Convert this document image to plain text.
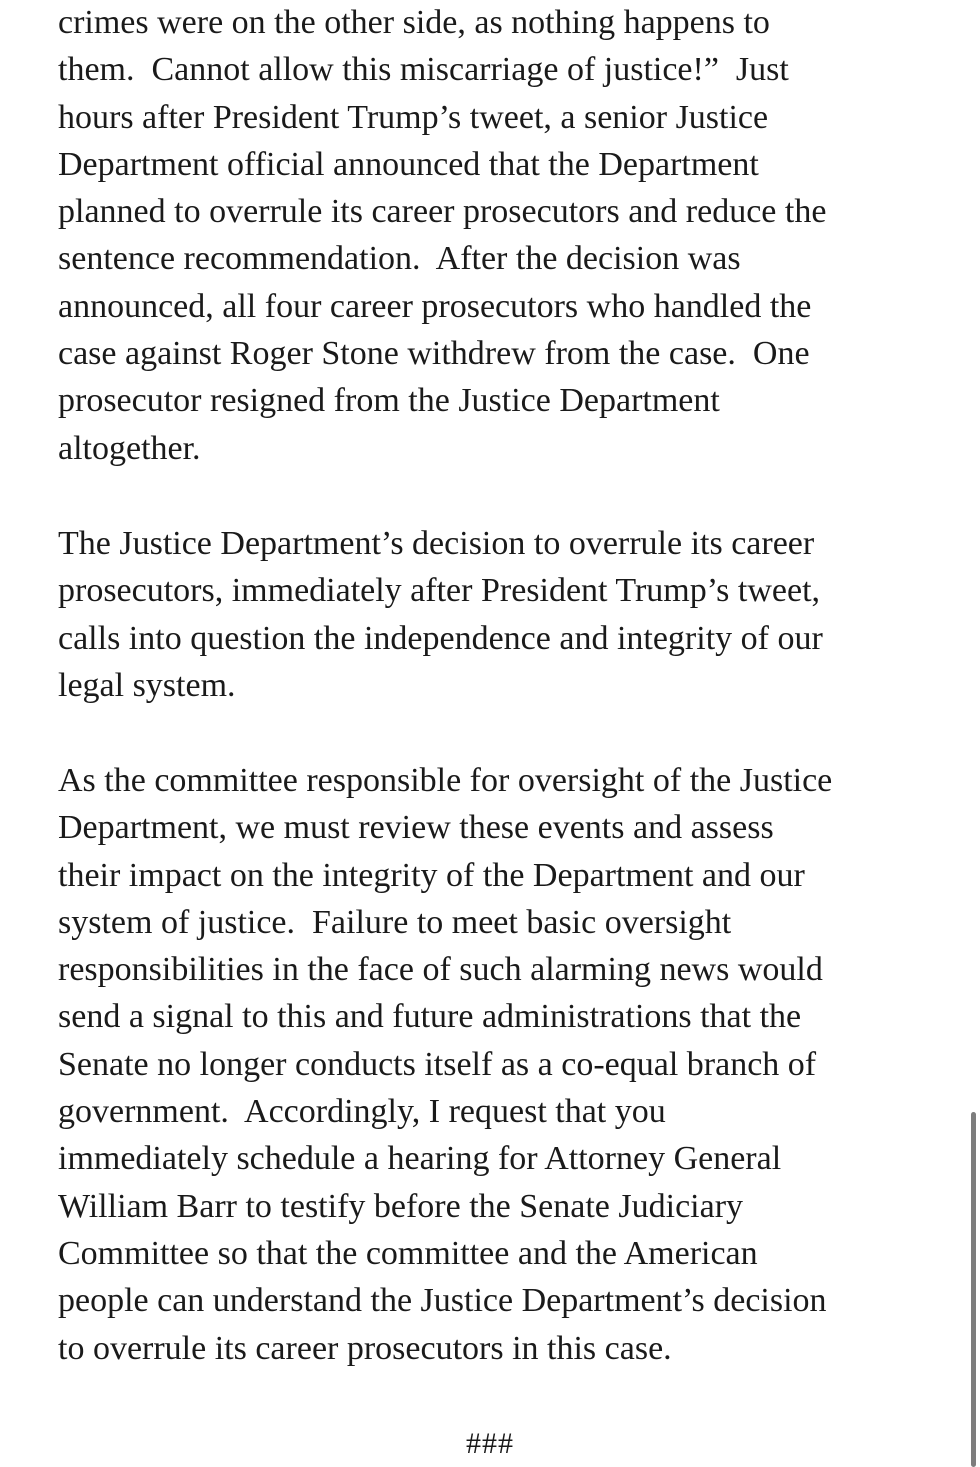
crimes were on the other side, as nothing happens to
them.  Cannot allow this miscarriage of justice!”  Just
hours after President Trump’s tweet, a senior Justice
Department official announced that the Department
planned to overrule its career prosecutors and reduce the
sentence recommendation.  After the decision was
announced, all four career prosecutors who handled the
case against Roger Stone withdrew from the case.  One
prosecutor resigned from the Justice Department
altogether.
The Justice Department’s decision to overrule its career
prosecutors, immediately after President Trump’s tweet,
calls into question the independence and integrity of our
legal system.
As the committee responsible for oversight of the Justice
Department, we must review these events and assess
their impact on the integrity of the Department and our
system of justice.  Failure to meet basic oversight
responsibilities in the face of such alarming news would
send a signal to this and future administrations that the
Senate no longer conducts itself as a co-equal branch of
government.  Accordingly, I request that you
immediately schedule a hearing for Attorney General
William Barr to testify before the Senate Judiciary
Committee so that the committee and the American
people can understand the Justice Department’s decision
to overrule its career prosecutors in this case.
###
